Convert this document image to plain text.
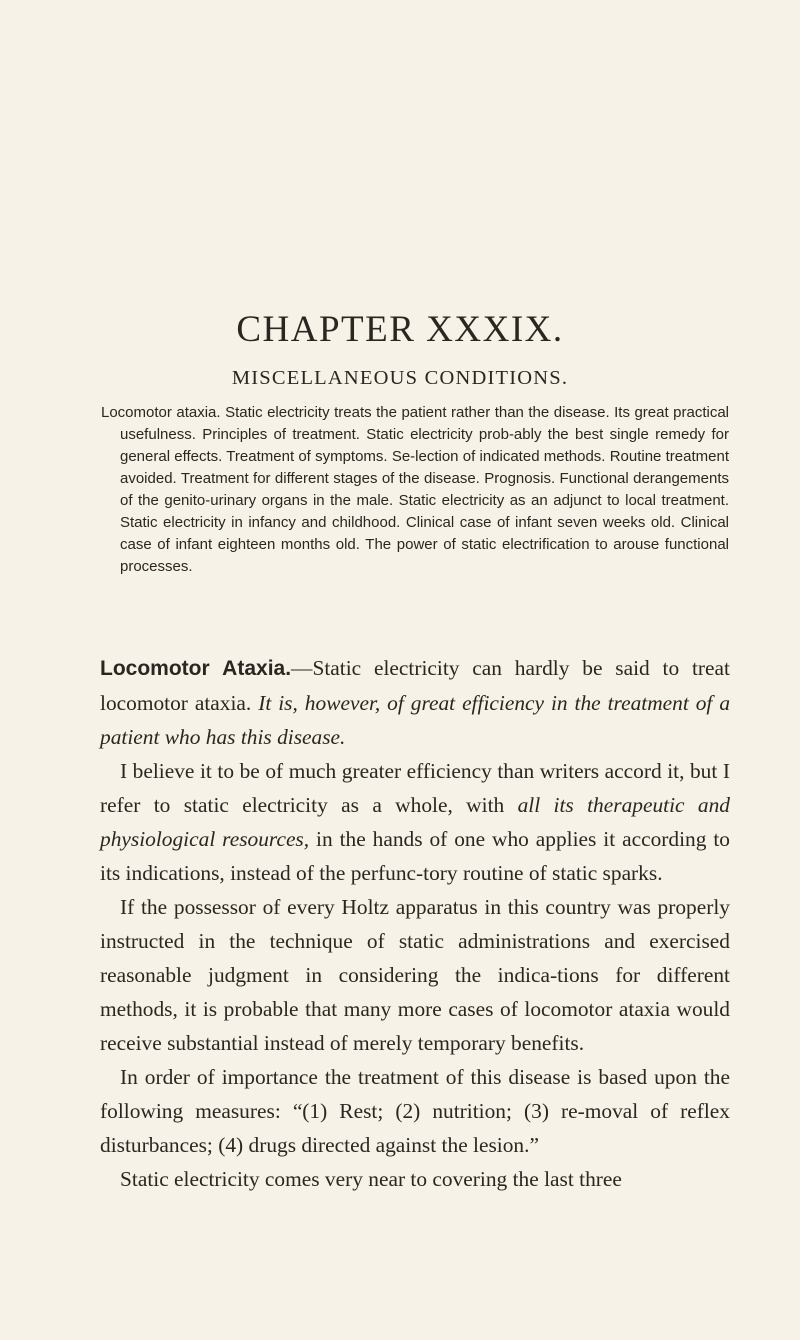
CHAPTER XXXIX.
MISCELLANEOUS CONDITIONS.

Locomotor ataxia. Static electricity treats the patient rather than the disease. Its great practical usefulness. Principles of treatment. Static electricity prob-ably the best single remedy for general effects. Treatment of symptoms. Se-lection of indicated methods. Routine treatment avoided. Treatment for different stages of the disease. Prognosis. Functional derangements of the genito-urinary organs in the male. Static electricity as an adjunct to local treatment. Static electricity in infancy and childhood. Clinical case of infant seven weeks old. Clinical case of infant eighteen months old. The power of static electrification to arouse functional processes.

Locomotor Ataxia.—Static electricity can hardly be said to treat locomotor ataxia. It is, however, of great efficiency in the treatment of a patient who has this disease.

I believe it to be of much greater efficiency than writers accord it, but I refer to static electricity as a whole, with all its therapeutic and physiological resources, in the hands of one who applies it according to its indications, instead of the perfunc-tory routine of static sparks.

If the possessor of every Holtz apparatus in this country was properly instructed in the technique of static administrations and exercised reasonable judgment in considering the indica-tions for different methods, it is probable that many more cases of locomotor ataxia would receive substantial instead of merely temporary benefits.

In order of importance the treatment of this disease is based upon the following measures: “(1) Rest; (2) nutrition; (3) re-moval of reflex disturbances; (4) drugs directed against the lesion.”

Static electricity comes very near to covering the last three
